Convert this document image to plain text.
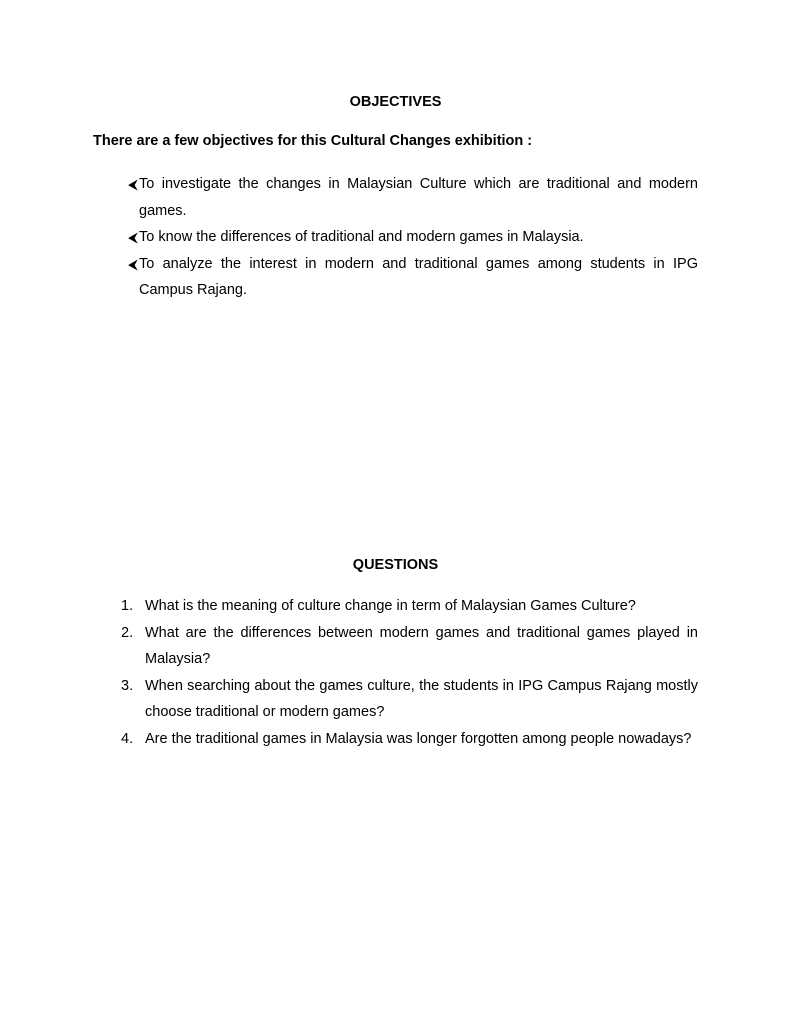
OBJECTIVES
There are a few objectives for this Cultural Changes exhibition :
⮜ To investigate the changes in Malaysian Culture which are traditional and modern games.
⮜ To know the differences of traditional and modern games in Malaysia.
⮜ To analyze the interest in modern and traditional games among students in IPG Campus Rajang.
QUESTIONS
1. What is the meaning of culture change in term of Malaysian Games Culture?
2. What are the differences between modern games and traditional games played in Malaysia?
3. When searching about the games culture, the students in IPG Campus Rajang mostly choose traditional or modern games?
4. Are the traditional games in Malaysia was longer forgotten among people nowadays?
